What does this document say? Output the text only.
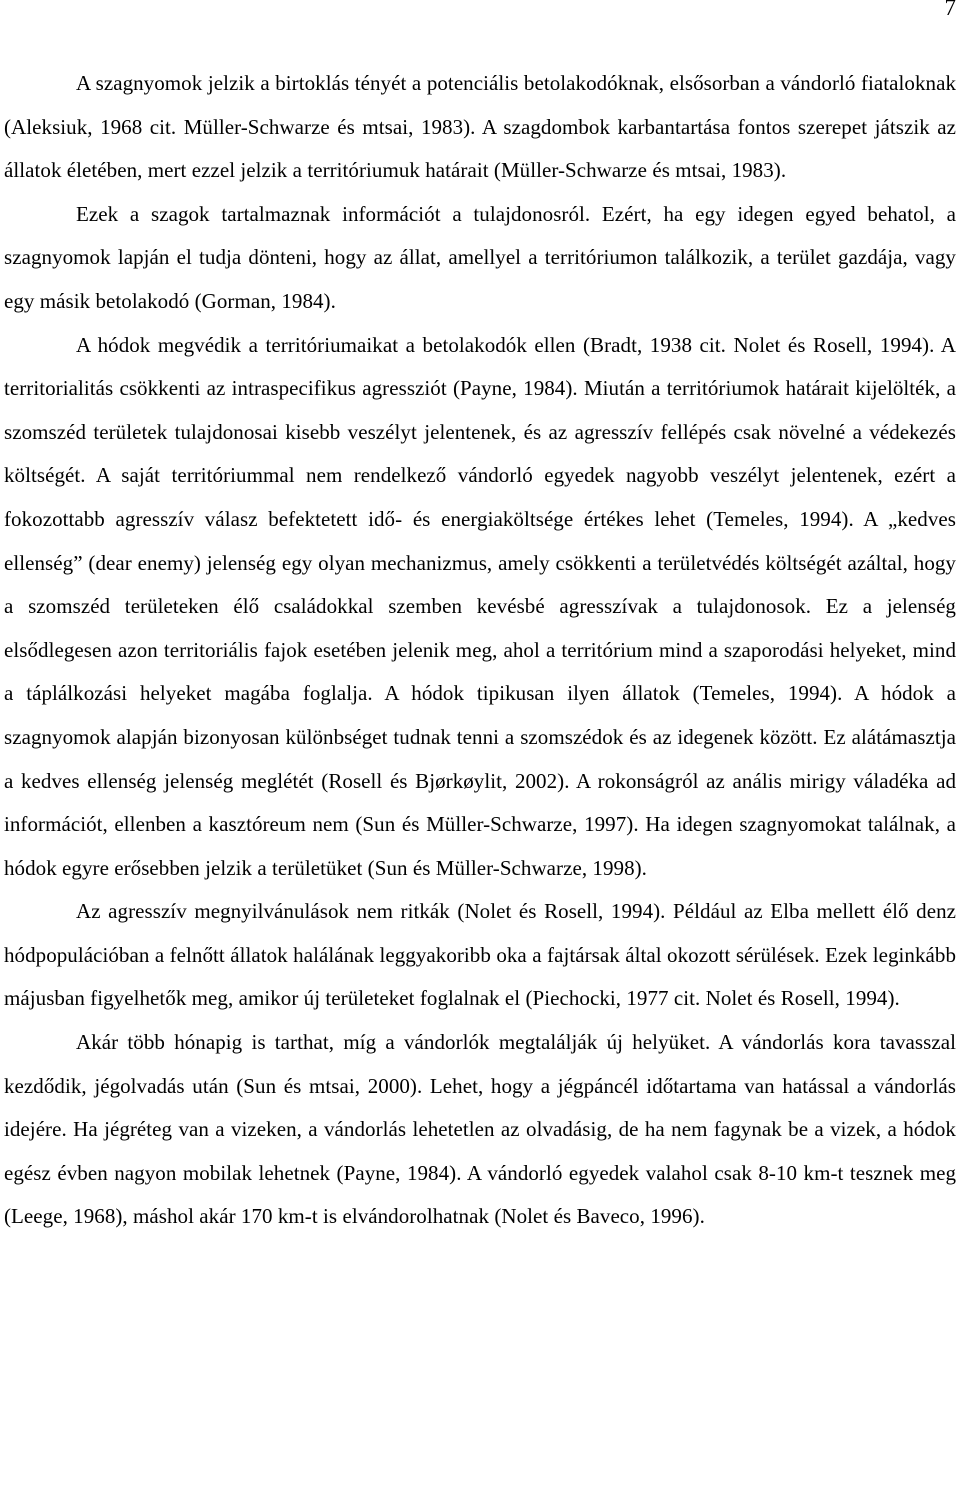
7

A szagnyomok jelzik a birtoklás tényét a potenciális betolakodóknak, elsősorban a vándorló fiataloknak (Aleksiuk, 1968 cit. Müller-Schwarze és mtsai, 1983). A szagdombok karbantartása fontos szerepet játszik az állatok életében, mert ezzel jelzik a territóriumuk határait (Müller-Schwarze és mtsai, 1983).

Ezek a szagok tartalmaznak információt a tulajdonosról. Ezért, ha egy idegen egyed behatol, a szagnyomok lapján el tudja dönteni, hogy az állat, amellyel a territóriumon találkozik, a terület gazdája, vagy egy másik betolakodó (Gorman, 1984).

A hódok megvédik a territóriumaikat a betolakodók ellen (Bradt, 1938 cit. Nolet és Rosell, 1994). A territorialitás csökkenti az intraspecifikus agressziót (Payne, 1984). Miután a territóriumok határait kijelölték, a szomszéd területek tulajdonosai kisebb veszélyt jelentenek, és az agresszív fellépés csak növelné a védekezés költségét. A saját territóriummal nem rendelkező vándorló egyedek nagyobb veszélyt jelentenek, ezért a fokozottabb agresszív válasz befektetett idő- és energiaköltsége értékes lehet (Temeles, 1994). A „kedves ellenség” (dear enemy) jelenség egy olyan mechanizmus, amely csökkenti a területvédés költségét azáltal, hogy a szomszéd területeken élő családokkal szemben kevésbé agresszívak a tulajdonosok. Ez a jelenség elsődlegesen azon territoriális fajok esetében jelenik meg, ahol a territórium mind a szaporodási helyeket, mind a táplálkozási helyeket magába foglalja. A hódok tipikusan ilyen állatok (Temeles, 1994). A hódok a szagnyomok alapján bizonyosan különbséget tudnak tenni a szomszédok és az idegenek között. Ez alátámasztja a kedves ellenség jelenség meglétét (Rosell és Bjørkøylit, 2002). A rokonságról az anális mirigy váladéka ad információt, ellenben a kasztóreum nem (Sun és Müller-Schwarze, 1997). Ha idegen szagnyomokat találnak, a hódok egyre erősebben jelzik a területüket (Sun és Müller-Schwarze, 1998).

Az agresszív megnyilvánulások nem ritkák (Nolet és Rosell, 1994). Például az Elba mellett élő denz hódpopulációban a felnőtt állatok halálának leggyakoribb oka a fajtársak által okozott sérülések. Ezek leginkább májusban figyelhetők meg, amikor új területeket foglalnak el (Piechocki, 1977 cit. Nolet és Rosell, 1994).

Akár több hónapig is tarthat, míg a vándorlók megtalálják új helyüket. A vándorlás kora tavasszal kezdődik, jégolvadás után (Sun és mtsai, 2000). Lehet, hogy a jégpáncél időtartama van hatással a vándorlás idejére. Ha jégréteg van a vizeken, a vándorlás lehetetlen az olvadásig, de ha nem fagynak be a vizek, a hódok egész évben nagyon mobilak lehetnek (Payne, 1984). A vándorló egyedek valahol csak 8-10 km-t tesznek meg (Leege, 1968), máshol akár 170 km-t is elvándorolhatnak (Nolet és Baveco, 1996).
